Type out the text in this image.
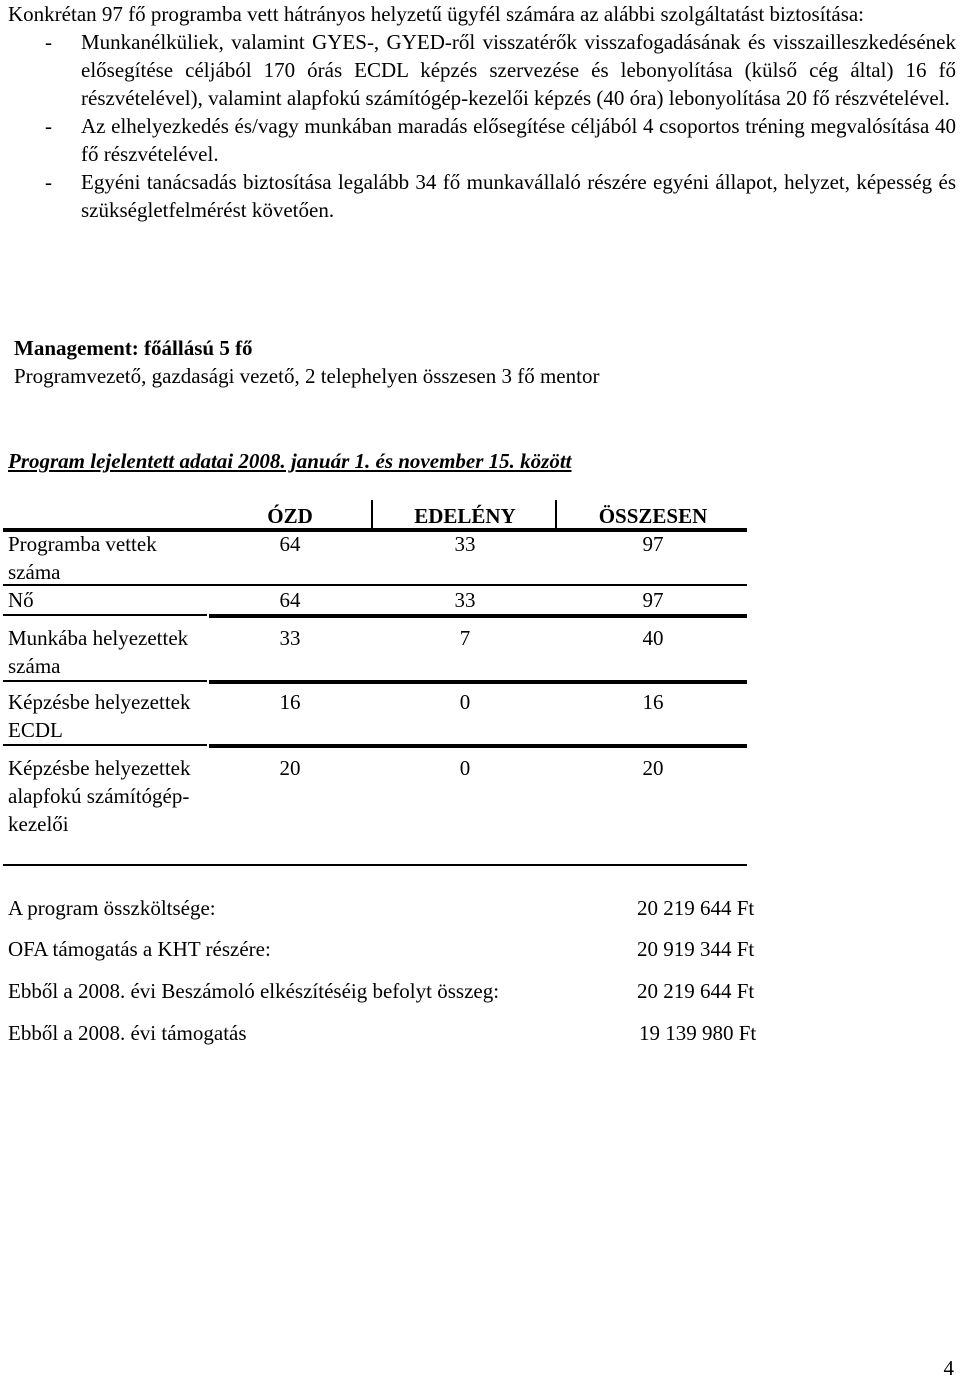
Konkrétan 97 fő programba vett hátrányos helyzetű ügyfél számára az alábbi szolgáltatást biztosítása:

- Munkanélküliek, valamint GYES-, GYED-ről visszatérők visszafogadásának és visszailleszkedésének elősegítése céljából 170 órás ECDL képzés szervezése és lebonyolítása (külső cég által) 16 fő részvételével), valamint alapfokú számítógép-kezelői képzés (40 óra) lebonyolítása 20 fő részvételével.
- Az elhelyezkedés és/vagy munkában maradás elősegítése céljából 4 csoportos tréning megvalósítása 40 fő részvételével.
- Egyéni tanácsadás biztosítása legalább 34 fő munkavállaló részére egyéni állapot, helyzet, képesség és szükségletfelmérést követően.
Management: főállású 5 fő
Programvezető, gazdasági vezető, 2 telephelyen összesen 3 fő mentor
Program lejelentett adatai 2008. január 1. és november 15. között
ÓZD	EDELÉNY	ÖSSZESEN
Programba vettek száma
64	33	97
Nő	64	33	97
Munkába helyezettek száma
33	7	40
Képzésbe helyezettek ECDL
16	0	16
Képzésbe helyezettek alapfokú számítógép-kezelői
20	0	20
A program összköltsége:	20 219 644 Ft
OFA támogatás a KHT részére:	20 919 344 Ft
Ebből a 2008. évi Beszámoló elkészítéséig befolyt összeg:	20 219 644 Ft
Ebből a 2008. évi támogatás	19 139 980 Ft
4
